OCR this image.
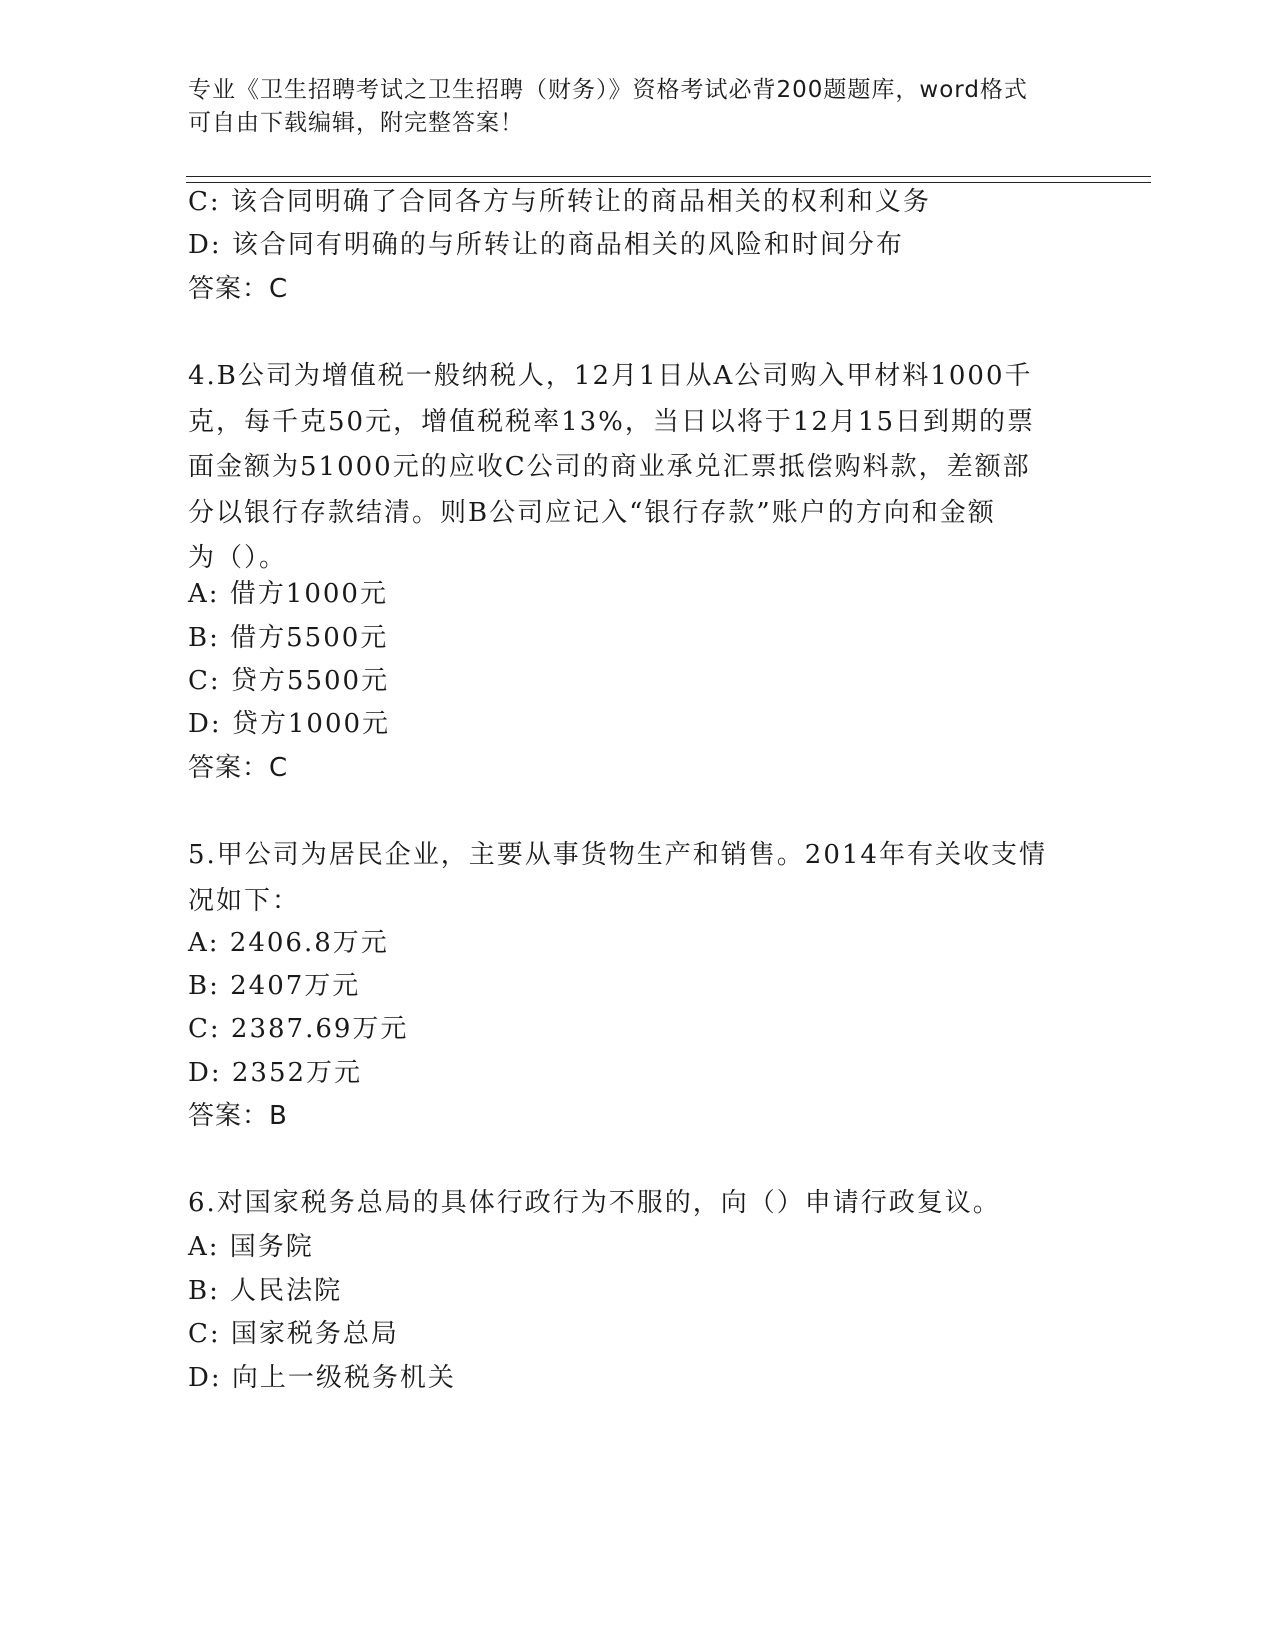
专业《卫生招聘考试之卫生招聘（财务）》资格考试必背200题题库，word格式
可自由下载编辑，附完整答案！
C: 该合同明确了合同各方与所转让的商品相关的权利和义务
D: 该合同有明确的与所转让的商品相关的风险和时间分布
答案：C
4.B公司为增值税一般纳税人，12月1日从A公司购入甲材料1000千
克，每千克50元，增值税税率13%，当日以将于12月15日到期的票
面金额为51000元的应收C公司的商业承兑汇票抵偿购料款，差额部
分以银行存款结清。则B公司应记入“银行存款”账户的方向和金额
为（）。
A: 借方1000元
B: 借方5500元
C: 贷方5500元
D: 贷方1000元
答案：C
5.甲公司为居民企业，主要从事货物生产和销售。2014年有关收支情
况如下：
A: 2406.8万元
B: 2407万元
C: 2387.69万元
D: 2352万元
答案：B
6.对国家税务总局的具体行政行为不服的，向（）申请行政复议。
A: 国务院
B: 人民法院
C: 国家税务总局
D: 向上一级税务机关
